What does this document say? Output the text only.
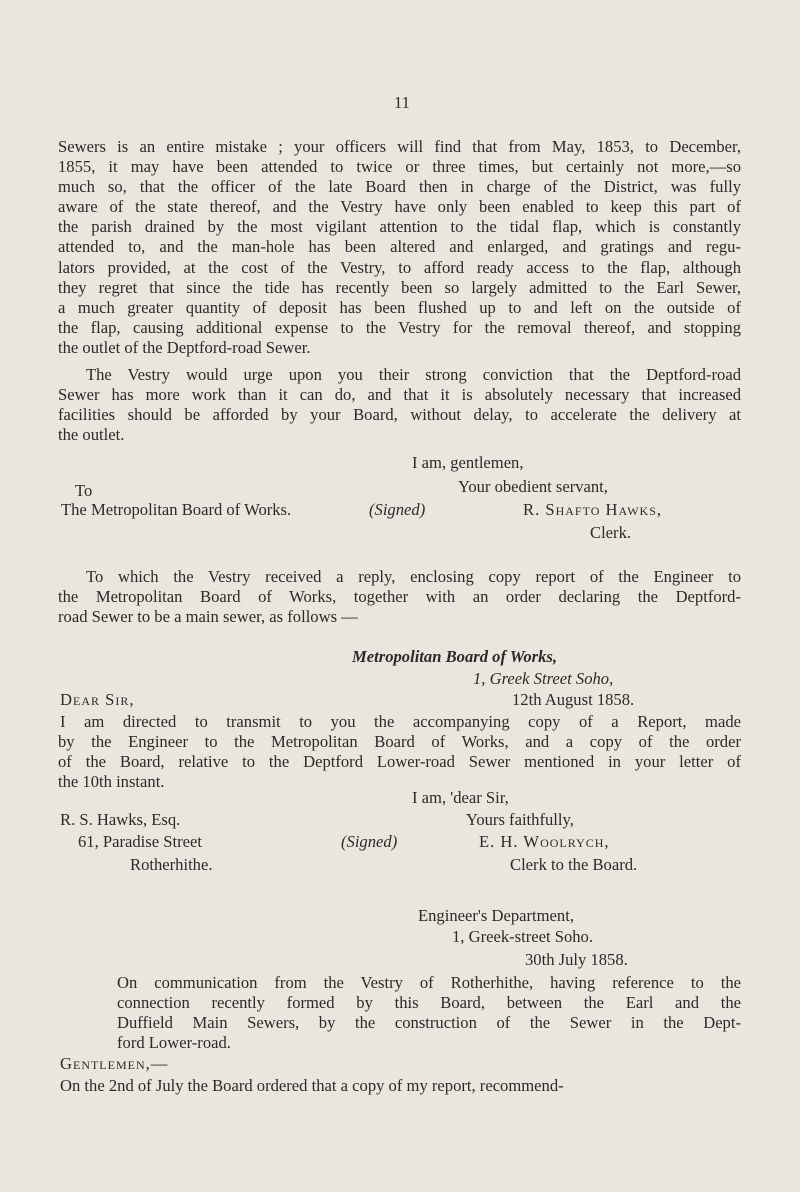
11
Sewers is an entire mistake ; your officers will find that from May, 1853, to December,
1855, it may have been attended to twice or three times, but certainly not more,—so
much so, that the officer of the late Board then in charge of the District, was fully
aware of the state thereof, and the Vestry have only been enabled to keep this part of
the parish drained by the most vigilant attention to the tidal flap, which is constantly
attended to, and the man-hole has been altered and enlarged, and gratings and regu-
lators provided, at the cost of the Vestry, to afford ready access to the flap, although
they regret that since the tide has recently been so largely admitted to the Earl Sewer,
a much greater quantity of deposit has been flushed up to and left on the outside of
the flap, causing additional expense to the Vestry for the removal thereof, and stopping
the outlet of the Deptford-road Sewer.
The Vestry would urge upon you their strong conviction that the Deptford-road
Sewer has more work than it can do, and that it is absolutely necessary that increased
facilities should be afforded by your Board, without delay, to accelerate the delivery at
the outlet.
I am, gentlemen,
To	Your obedient servant,
The Metropolitan Board of Works.	(Signed)	R. Shafto Hawks,
Clerk.
To which the Vestry received a reply, enclosing copy report of the Engineer to
the Metropolitan Board of Works, together with an order declaring the Deptford-
road Sewer to be a main sewer, as follows —
Metropolitan Board of Works,
1, Greek Street Soho,
Dear Sir,	12th August 1858.
I am directed to transmit to you the accompanying copy of a Report, made
by the Engineer to the Metropolitan Board of Works, and a copy of the order
of the Board, relative to the Deptford Lower-road Sewer mentioned in your letter of
the 10th instant.
I am, 'dear Sir,
R. S. Hawks, Esq.	Yours faithfully,
61, Paradise Street	(Signed)	E. H. Woolrych,
Rotherhithe.	Clerk to the Board.
Engineer's Department,
1, Greek-street Soho.
30th July 1858.
On communication from the Vestry of Rotherhithe, having reference to the
connection recently formed by this Board, between the Earl and the
Duffield Main Sewers, by the construction of the Sewer in the Dept-
ford Lower-road.
Gentlemen,—
On the 2nd of July the Board ordered that a copy of my report, recommend-
